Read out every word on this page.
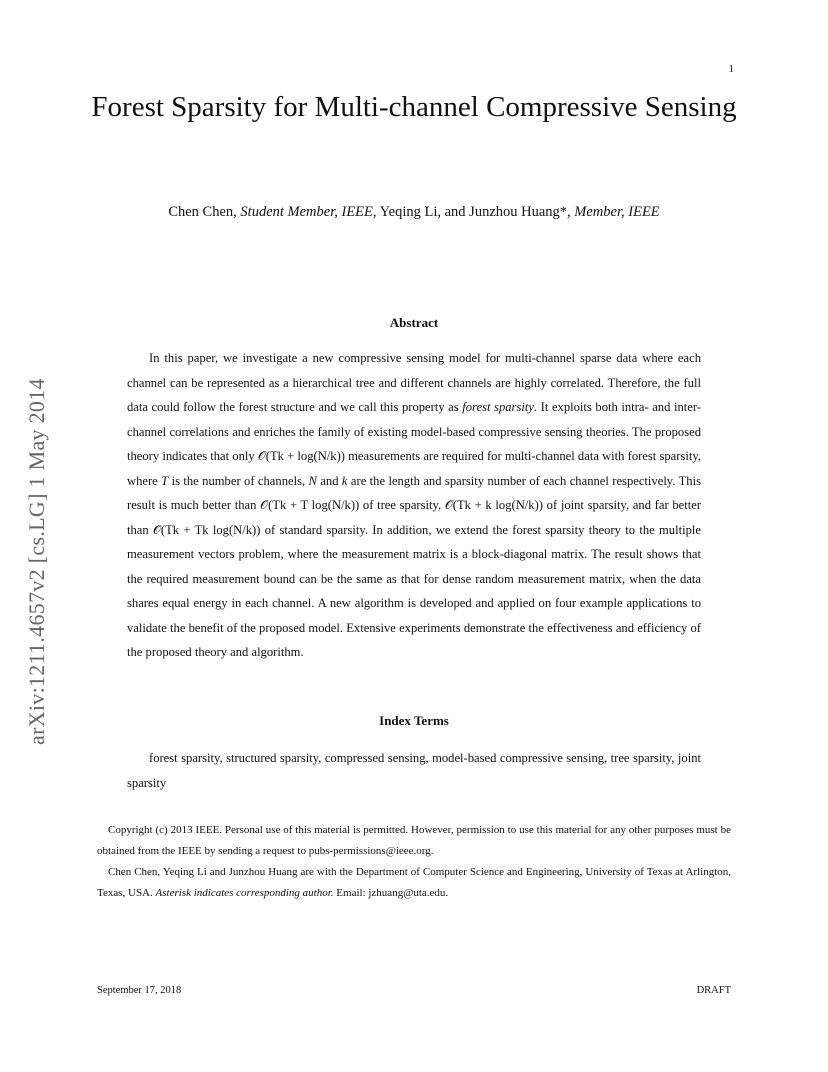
1
arXiv:1211.4657v2 [cs.LG] 1 May 2014
Forest Sparsity for Multi-channel Compressive Sensing
Chen Chen, Student Member, IEEE, Yeqing Li, and Junzhou Huang*, Member, IEEE
Abstract
In this paper, we investigate a new compressive sensing model for multi-channel sparse data where each channel can be represented as a hierarchical tree and different channels are highly correlated. Therefore, the full data could follow the forest structure and we call this property as forest sparsity. It exploits both intra- and inter- channel correlations and enriches the family of existing model-based compressive sensing theories. The proposed theory indicates that only 𝒪(Tk + log(N/k)) measurements are required for multi-channel data with forest sparsity, where T is the number of channels, N and k are the length and sparsity number of each channel respectively. This result is much better than 𝒪(Tk + T log(N/k)) of tree sparsity, 𝒪(Tk + k log(N/k)) of joint sparsity, and far better than 𝒪(Tk + Tk log(N/k)) of standard sparsity. In addition, we extend the forest sparsity theory to the multiple measurement vectors problem, where the measurement matrix is a block-diagonal matrix. The result shows that the required measurement bound can be the same as that for dense random measurement matrix, when the data shares equal energy in each channel. A new algorithm is developed and applied on four example applications to validate the benefit of the proposed model. Extensive experiments demonstrate the effectiveness and efficiency of the proposed theory and algorithm.
Index Terms
forest sparsity, structured sparsity, compressed sensing, model-based compressive sensing, tree sparsity, joint sparsity
Copyright (c) 2013 IEEE. Personal use of this material is permitted. However, permission to use this material for any other purposes must be obtained from the IEEE by sending a request to pubs-permissions@ieee.org.
Chen Chen, Yeqing Li and Junzhou Huang are with the Department of Computer Science and Engineering, University of Texas at Arlington, Texas, USA. Asterisk indicates corresponding author. Email: jzhuang@uta.edu.
September 17, 2018	DRAFT
